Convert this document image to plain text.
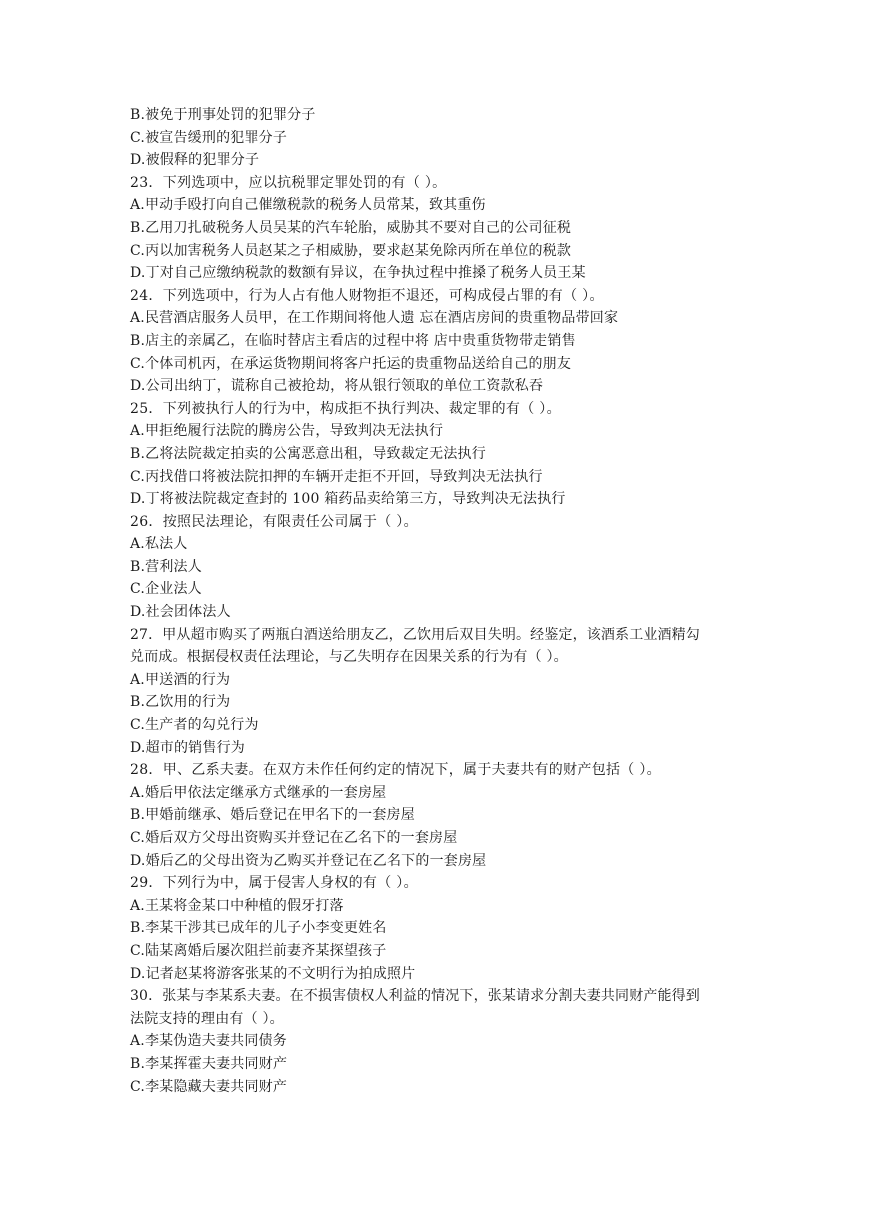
B.被免于刑事处罚的犯罪分子
C.被宣告缓刑的犯罪分子
D.被假释的犯罪分子
23．下列选项中，应以抗税罪定罪处罚的有（ ）。
A.甲动手殴打向自己催缴税款的税务人员常某，致其重伤
B.乙用刀扎破税务人员吴某的汽车轮胎，威胁其不要对自己的公司征税
C.丙以加害税务人员赵某之子相威胁，要求赵某免除丙所在单位的税款
D.丁对自己应缴纳税款的数额有异议，在争执过程中推搡了税务人员王某
24．下列选项中，行为人占有他人财物拒不退还，可构成侵占罪的有（ ）。
A.民营酒店服务人员甲，在工作期间将他人遗 忘在酒店房间的贵重物品带回家
B.店主的亲属乙，在临时替店主看店的过程中将 店中贵重货物带走销售
C.个体司机丙，在承运货物期间将客户托运的贵重物品送给自己的朋友
D.公司出纳丁，谎称自己被抢劫，将从银行领取的单位工资款私吞
25．下列被执行人的行为中，构成拒不执行判决、裁定罪的有（ ）。
A.甲拒绝履行法院的腾房公告，导致判决无法执行
B.乙将法院裁定拍卖的公寓恶意出租，导致裁定无法执行
C.丙找借口将被法院扣押的车辆开走拒不开回，导致判决无法执行
D.丁将被法院裁定查封的 100 箱药品卖给第三方，导致判决无法执行
26．按照民法理论，有限责任公司属于（ ）。
A.私法人
B.营利法人
C.企业法人
D.社会团体法人
27．甲从超市购买了两瓶白酒送给朋友乙，乙饮用后双目失明。经鉴定，该酒系工业酒精勾
兑而成。根据侵权责任法理论，与乙失明存在因果关系的行为有（ ）。
A.甲送酒的行为
B.乙饮用的行为
C.生产者的勾兑行为
D.超市的销售行为
28．甲、乙系夫妻。在双方未作任何约定的情况下，属于夫妻共有的财产包括（ ）。
A.婚后甲依法定继承方式继承的一套房屋
B.甲婚前继承、婚后登记在甲名下的一套房屋
C.婚后双方父母出资购买并登记在乙名下的一套房屋
D.婚后乙的父母出资为乙购买并登记在乙名下的一套房屋
29．下列行为中，属于侵害人身权的有（ ）。
A.王某将金某口中种植的假牙打落
B.李某干涉其已成年的儿子小李变更姓名
C.陆某离婚后屡次阻拦前妻齐某探望孩子
D.记者赵某将游客张某的不文明行为拍成照片
30．张某与李某系夫妻。在不损害债权人利益的情况下，张某请求分割夫妻共同财产能得到
法院支持的理由有（ ）。
A.李某伪造夫妻共同债务
B.李某挥霍夫妻共同财产
C.李某隐藏夫妻共同财产
